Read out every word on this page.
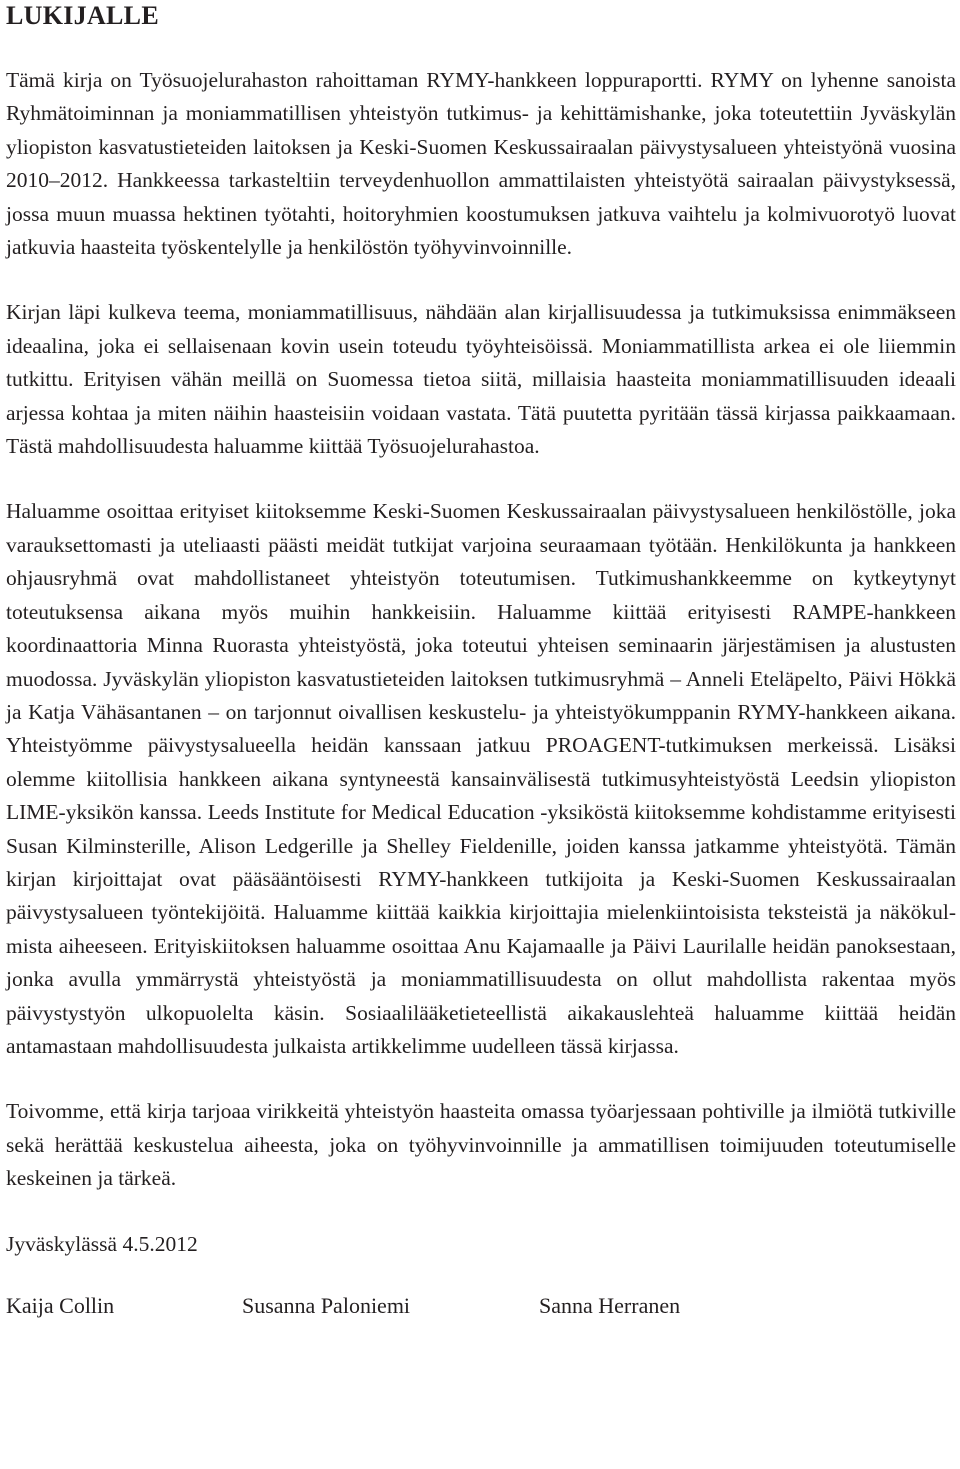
LUKIJALLE

Tämä kirja on Työsuojelurahaston rahoittaman RYMY-hankkeen loppuraportti. RYMY on lyhenne sanoista Ryhmätoiminnan ja moniammatillisen yhteistyön tutkimus- ja kehittämishanke, joka toteutettiin Jyväskylän yliopiston kasvatustieteiden laitoksen ja Keski-Suomen Keskussairaalan päivystysalueen yhteistyönä vuosina 2010–2012. Hankkeessa tarkasteltiin terveydenhuollon ammattilaisten yhteistyötä sairaalan päivystyksessä, jossa muun muassa hektinen työtahti, hoitoryhmien koostumuksen jatkuva vaihtelu ja kolmivuorotyö luovat jatkuvia haasteita työskentelylle ja henkilöstön työhyvinvoinnille.

Kirjan läpi kulkeva teema, moniammatillisuus, nähdään alan kirjallisuudessa ja tutkimuksissa enimmäkseen ideaalina, joka ei sellaisenaan kovin usein toteudu työyhteisöissä. Moniammatillista arkea ei ole liiemmin tutkittu. Erityisen vähän meillä on Suomessa tietoa siitä, millaisia haasteita moniammatillisuuden ideaali arjessa kohtaa ja miten näihin haasteisiin voidaan vastata. Tätä puutetta pyritään tässä kirjassa paikkaamaan. Tästä mahdollisuudesta haluamme kiittää Työsuojelurahastoa.

Haluamme osoittaa erityiset kiitoksemme Keski-Suomen Keskussairaalan päivystysalueen henkilöstölle, joka varauksettomasti ja uteliaasti päästi meidät tutkijat varjoina seuraamaan työtään. Henkilökunta ja hankkeen ohjausryhmä ovat mahdollistaneet yhteistyön toteutumisen. Tutkimushankkeemme on kytkeytynyt toteutuksensa aikana myös muihin hankkeisiin. Haluamme kiittää erityisesti RAMPE-hankkeen koordinaattoria Minna Ruorasta yhteistyöstä, joka toteutui yhteisen seminaarin järjestämisen ja alustusten muodossa. Jyväskylän yliopiston kasvatustieteiden laitoksen tutkimusryhmä – Anneli Eteläpelto, Päivi Hökkä ja Katja Vähäsantanen – on tarjonnut oivallisen keskustelu- ja yhteistyökumppanin RYMY-hankkeen aikana. Yhteistyömme päivystysalueella heidän kanssaan jatkuu PROAGENT-tutkimuksen merkeissä. Lisäksi olemme kiitollisia hankkeen aikana syntyneestä kansainvälisestä tutkimusyhteistyöstä Leedsin yliopiston LIME-yksikön kanssa. Leeds Institute for Medical Education -yksiköstä kiitoksemme kohdistamme erityisesti Susan Kilminsterille, Alison Ledgerille ja Shelley Fieldenille, joiden kanssa jatkamme yhteistyötä. Tämän kirjan kirjoittajat ovat pääsääntöisesti RYMY-hankkeen tutkijoita ja Keski-Suomen Keskussairaalan päivystysalueen työntekijöitä. Haluamme kiittää kaikkia kirjoittajia mielenkiintoisista teksteistä ja näkökulmista aiheeseen. Erityiskiitoksen haluamme osoittaa Anu Kajamaalle ja Päivi Laurilalle heidän panoksestaan, jonka avulla ymmärrystä yhteistyöstä ja moniammatillisuudesta on ollut mahdollista rakentaa myös päivystystyön ulkopuolelta käsin. Sosiaalilääketieteellistä aikakauslehteä haluamme kiittää heidän antamastaan mahdollisuudesta julkaista artikkelimme uudelleen tässä kirjassa.

Toivomme, että kirja tarjoaa virikkeitä yhteistyön haasteita omassa työarjessaan pohtiville ja ilmiötä tutkiville sekä herättää keskustelua aiheesta, joka on työhyvinvoinnille ja ammatillisen toimijuuden toteutumiselle keskeinen ja tärkeä.

Jyväskylässä 4.5.2012

Kaija Collin	Susanna Paloniemi	Sanna Herranen
